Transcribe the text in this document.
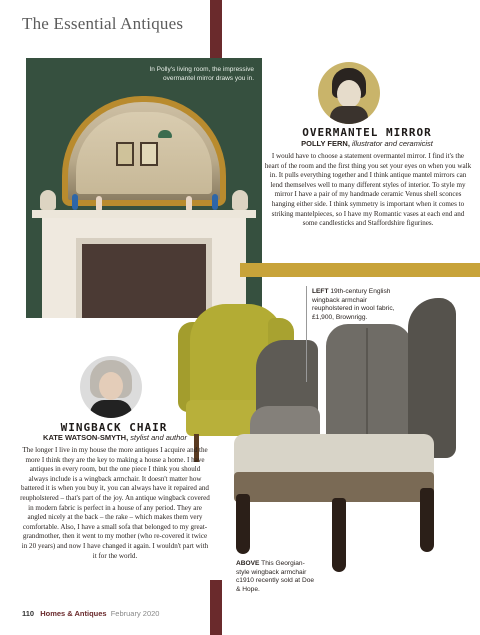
The Essential Antiques
In Polly's living room, the impressive overmantel mirror draws you in.
OVERMANTEL MIRROR
POLLY FERN, illustrator and ceramicist
I would have to choose a statement overmantel mirror. I find it's the heart of the room and the first thing you set your eyes on when you walk in. It pulls everything together and I think antique mantel mirrors can lend themselves well to many different styles of interior. To style my mirror I have a pair of my handmade ceramic Venus shell sconces hanging either side. I think symmetry is important when it comes to striking mantelpieces, so I have my Romantic vases at each end and some candlesticks and Staffordshire figurines.
LEFT 19th-century English wingback armchair reupholstered in wool fabric, £1,900, Brownrigg.
WINGBACK CHAIR
KATE WATSON-SMYTH, stylist and author
The longer I live in my house the more antiques I acquire and the more I think they are the key to making a house a home. I have antiques in every room, but the one piece I think you should always include is a wingback armchair. It doesn't matter how battered it is when you buy it, you can always have it repaired and reupholstered – that's part of the joy. An antique wingback covered in modern fabric is perfect in a house of any period. They are angled nicely at the back – the rake – which makes them very comfortable. Also, I have a small sofa that belonged to my great-grandmother, then it went to my mother (who re-covered it twice in 20 years) and now I have changed it again. I wouldn't part with it for the world.
ABOVE This Georgian-style wingback armchair c1910 recently sold at Doe & Hope.
110 Homes & Antiques February 2020
